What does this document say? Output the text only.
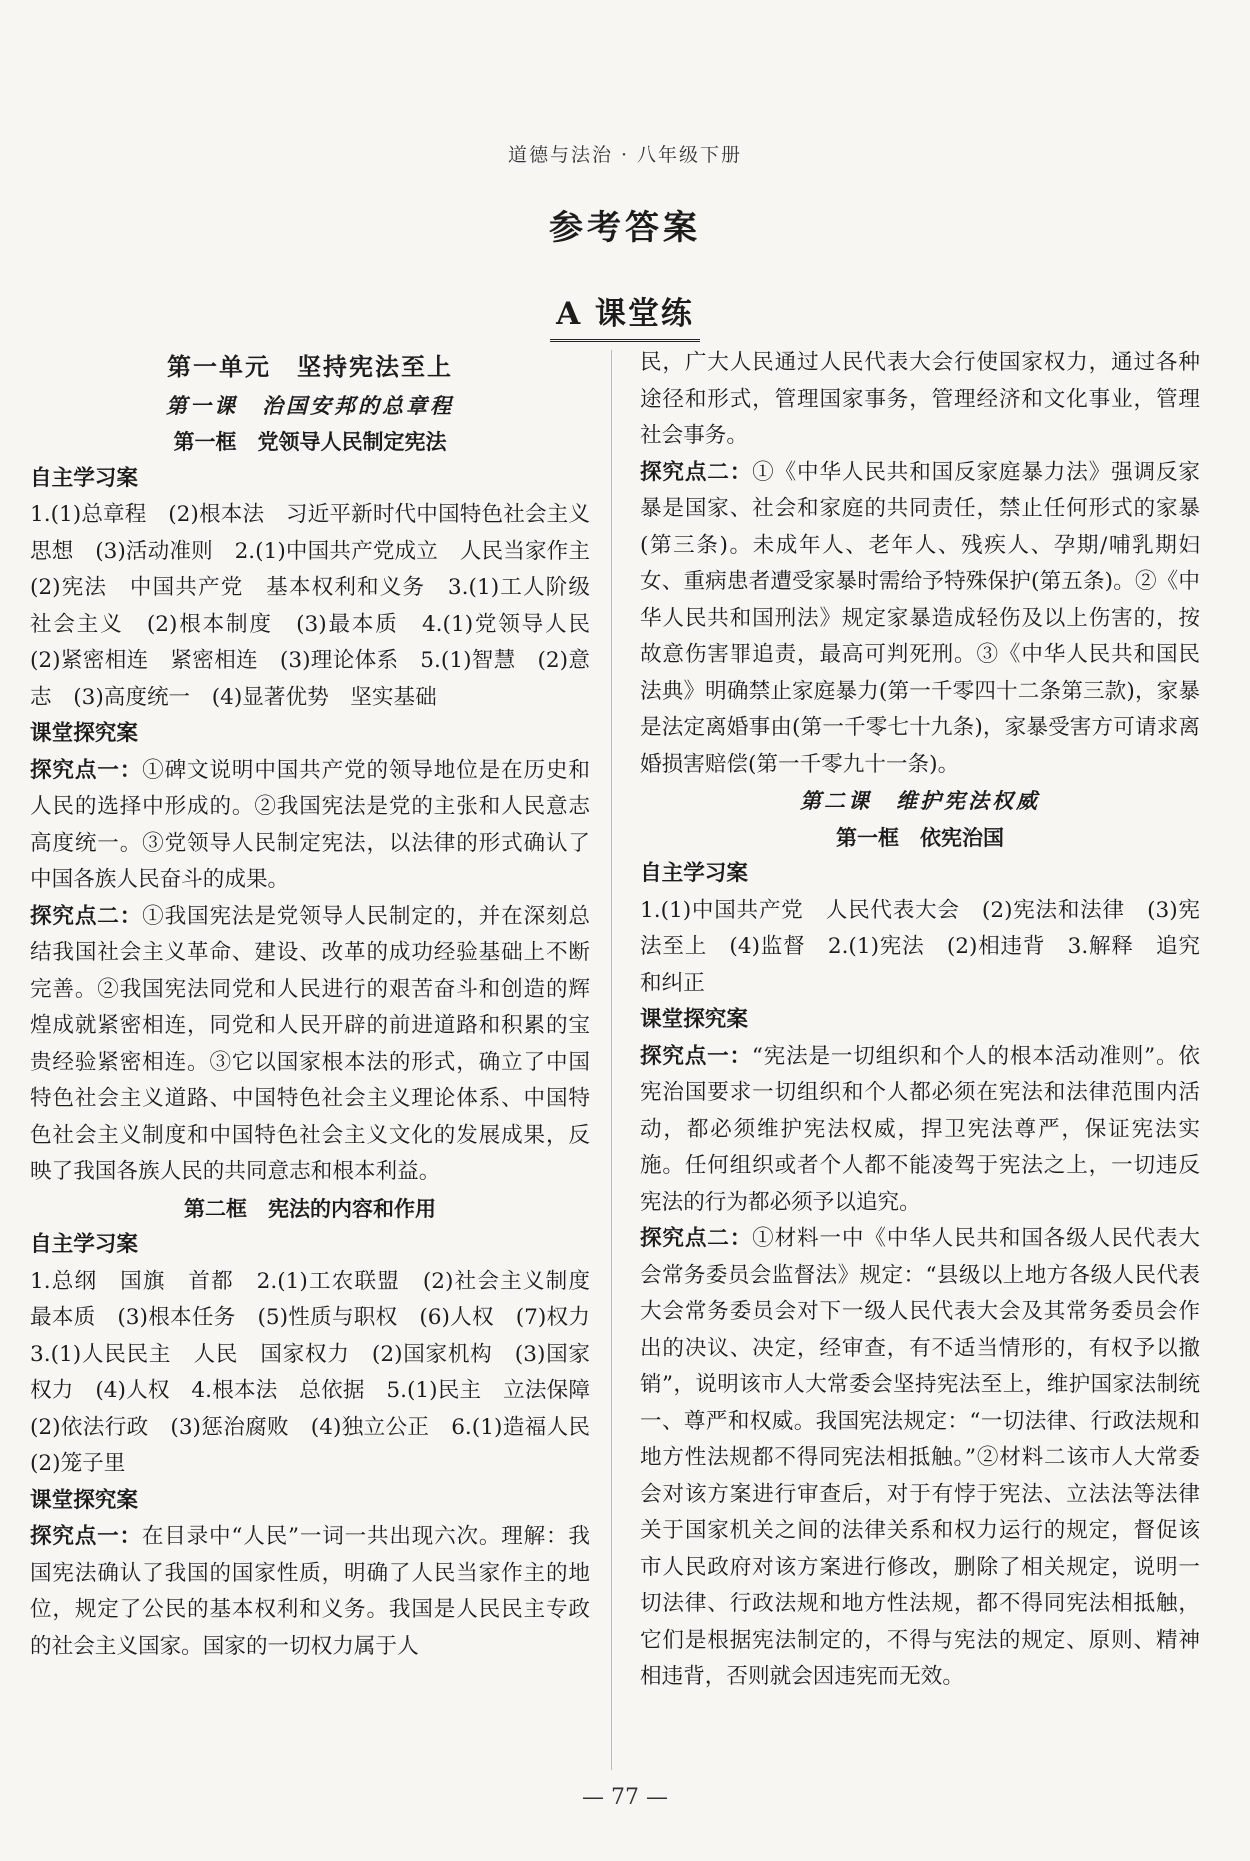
道德与法治 · 八年级下册
参考答案
A 课堂练
第一单元　坚持宪法至上
第一课　治国安邦的总章程
第一框　党领导人民制定宪法
自主学习案

1.(1)总章程　(2)根本法　习近平新时代中国特色社会主义思想　(3)活动准则　2.(1)中国共产党成立　人民当家作主　(2)宪法　中国共产党　基本权利和义务　3.(1)工人阶级　社会主义　(2)根本制度　(3)最本质　4.(1)党领导人民　(2)紧密相连　紧密相连　(3)理论体系　5.(1)智慧　(2)意志　(3)高度统一　(4)显著优势　坚实基础

课堂探究案

探究点一：①碑文说明中国共产党的领导地位是在历史和人民的选择中形成的。②我国宪法是党的主张和人民意志高度统一。③党领导人民制定宪法，以法律的形式确认了中国各族人民奋斗的成果。

探究点二：①我国宪法是党领导人民制定的，并在深刻总结我国社会主义革命、建设、改革的成功经验基础上不断完善。②我国宪法同党和人民进行的艰苦奋斗和创造的辉煌成就紧密相连，同党和人民开辟的前进道路和积累的宝贵经验紧密相连。③它以国家根本法的形式，确立了中国特色社会主义道路、中国特色社会主义理论体系、中国特色社会主义制度和中国特色社会主义文化的发展成果，反映了我国各族人民的共同意志和根本利益。

第二框　宪法的内容和作用
自主学习案

1.总纲　国旗　首都　2.(1)工农联盟　(2)社会主义制度　最本质　(3)根本任务　(5)性质与职权　(6)人权　(7)权力　3.(1)人民民主　人民　国家权力　(2)国家机构　(3)国家权力　(4)人权　4.根本法　总依据　5.(1)民主　立法保障　(2)依法行政　(3)惩治腐败　(4)独立公正　6.(1)造福人民　(2)笼子里

课堂探究案

探究点一：在目录中“人民”一词一共出现六次。理解：我国宪法确认了我国的国家性质，明确了人民当家作主的地位，规定了公民的基本权利和义务。我国是人民民主专政的社会主义国家。国家的一切权力属于人

民，广大人民通过人民代表大会行使国家权力，通过各种途径和形式，管理国家事务，管理经济和文化事业，管理社会事务。

探究点二：①《中华人民共和国反家庭暴力法》强调反家暴是国家、社会和家庭的共同责任，禁止任何形式的家暴(第三条)。未成年人、老年人、残疾人、孕期/哺乳期妇女、重病患者遭受家暴时需给予特殊保护(第五条)。②《中华人民共和国刑法》规定家暴造成轻伤及以上伤害的，按故意伤害罪追责，最高可判死刑。③《中华人民共和国民法典》明确禁止家庭暴力(第一千零四十二条第三款)，家暴是法定离婚事由(第一千零七十九条)，家暴受害方可请求离婚损害赔偿(第一千零九十一条)。

第二课　维护宪法权威
第一框　依宪治国
自主学习案

1.(1)中国共产党　人民代表大会　(2)宪法和法律　(3)宪法至上　(4)监督　2.(1)宪法　(2)相违背　3.解释　追究和纠正

课堂探究案

探究点一：“宪法是一切组织和个人的根本活动准则”。依宪治国要求一切组织和个人都必须在宪法和法律范围内活动，都必须维护宪法权威，捍卫宪法尊严，保证宪法实施。任何组织或者个人都不能凌驾于宪法之上，一切违反宪法的行为都必须予以追究。

探究点二：①材料一中《中华人民共和国各级人民代表大会常务委员会监督法》规定：“县级以上地方各级人民代表大会常务委员会对下一级人民代表大会及其常务委员会作出的决议、决定，经审查，有不适当情形的，有权予以撤销”，说明该市人大常委会坚持宪法至上，维护国家法制统一、尊严和权威。我国宪法规定：“一切法律、行政法规和地方性法规都不得同宪法相抵触。”②材料二该市人大常委会对该方案进行审查后，对于有悖于宪法、立法法等法律关于国家机关之间的法律关系和权力运行的规定，督促该市人民政府对该方案进行修改，删除了相关规定，说明一切法律、行政法规和地方性法规，都不得同宪法相抵触，它们是根据宪法制定的，不得与宪法的规定、原则、精神相违背，否则就会因违宪而无效。

— 77 —
